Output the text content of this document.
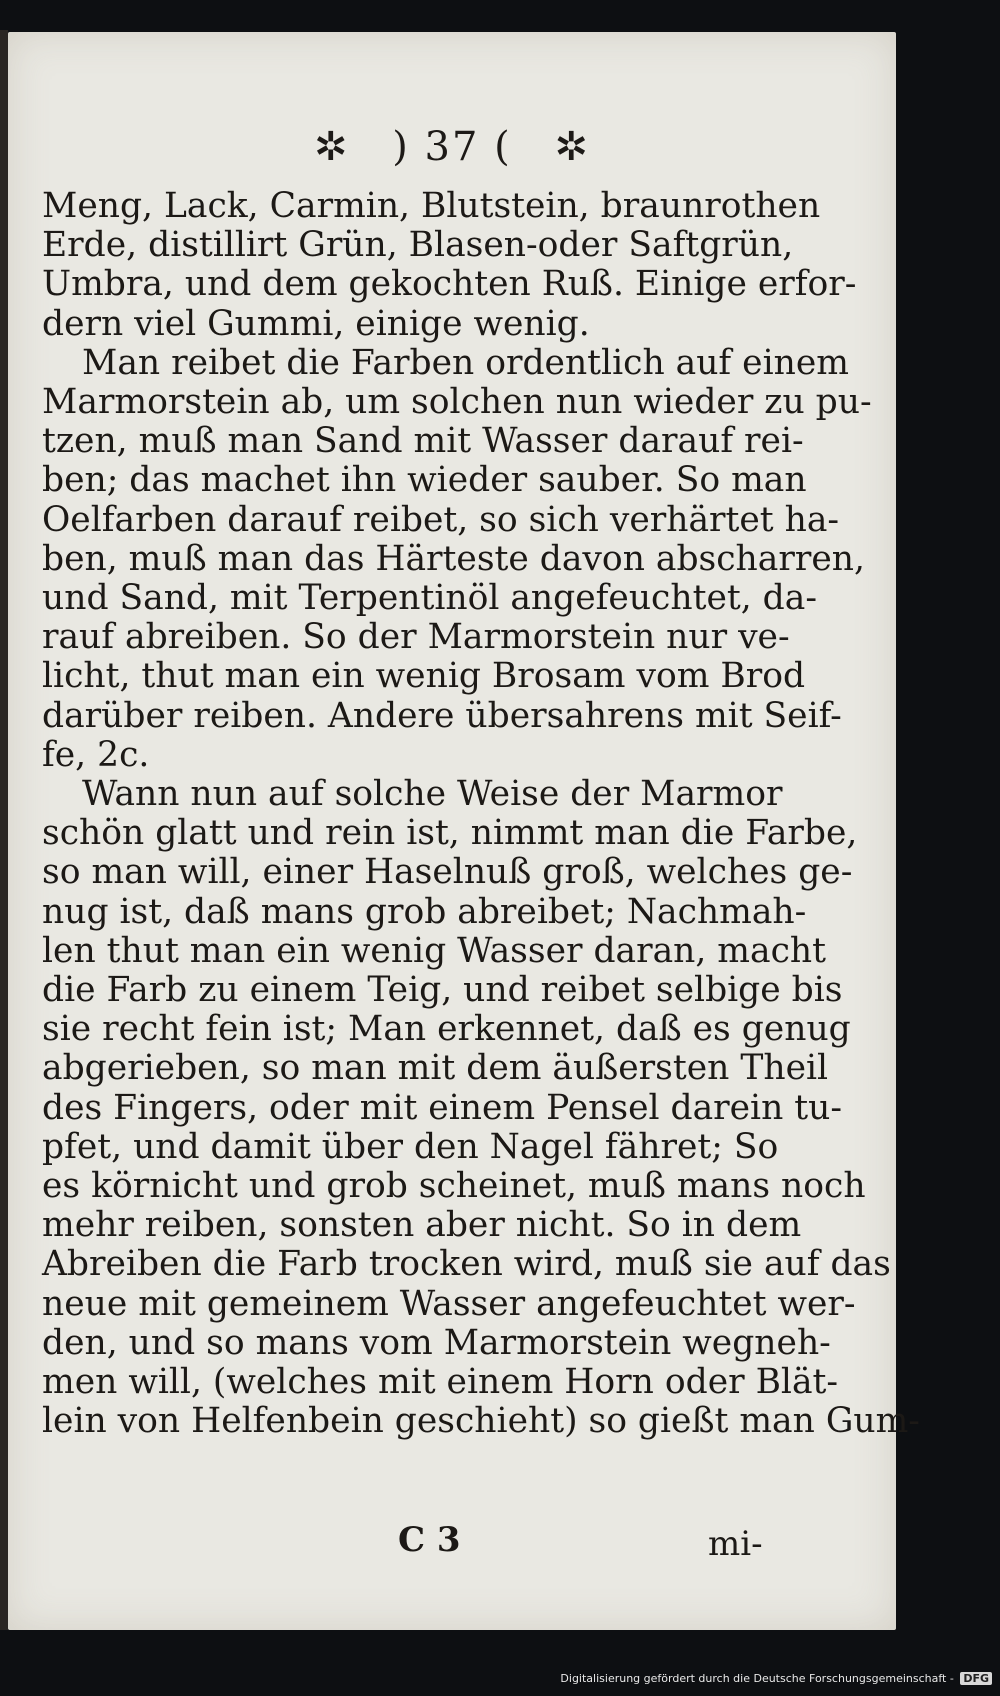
✲ ) 37 ( ✲
Meng, Lack, Carmin, Blutstein, braunrothen
Erde, distillirt Grün, Blasen-oder Saftgrün,
Umbra, und dem gekochten Ruß. Einige erfor-
dern viel Gummi, einige wenig.
Man reibet die Farben ordentlich auf einem
Marmorstein ab, um solchen nun wieder zu pu-
tzen, muß man Sand mit Wasser darauf rei-
ben; das machet ihn wieder sauber. So man
Oelfarben darauf reibet, so sich verhärtet ha-
ben, muß man das Härteste davon abscharren,
und Sand, mit Terpentinöl angefeuchtet, da-
rauf abreiben. So der Marmorstein nur ve-
licht, thut man ein wenig Brosam vom Brod
darüber reiben. Andere übersahrens mit Seif-
fe, 2c.
Wann nun auf solche Weise der Marmor
schön glatt und rein ist, nimmt man die Farbe,
so man will, einer Haselnuß groß, welches ge-
nug ist, daß mans grob abreibet; Nachmah-
len thut man ein wenig Wasser daran, macht
die Farb zu einem Teig, und reibet selbige bis
sie recht fein ist; Man erkennet, daß es genug
abgerieben, so man mit dem äußersten Theil
des Fingers, oder mit einem Pensel darein tu-
pfet, und damit über den Nagel fähret; So
es körnicht und grob scheinet, muß mans noch
mehr reiben, sonsten aber nicht. So in dem
Abreiben die Farb trocken wird, muß sie auf das
neue mit gemeinem Wasser angefeuchtet wer-
den, und so mans vom Marmorstein wegneh-
men will, (welches mit einem Horn oder Blät-
lein von Helfenbein geschieht) so gießt man Gum-
C 3	mi-
Digitalisierung gefördert durch die Deutsche Forschungsgemeinschaft - DFG
